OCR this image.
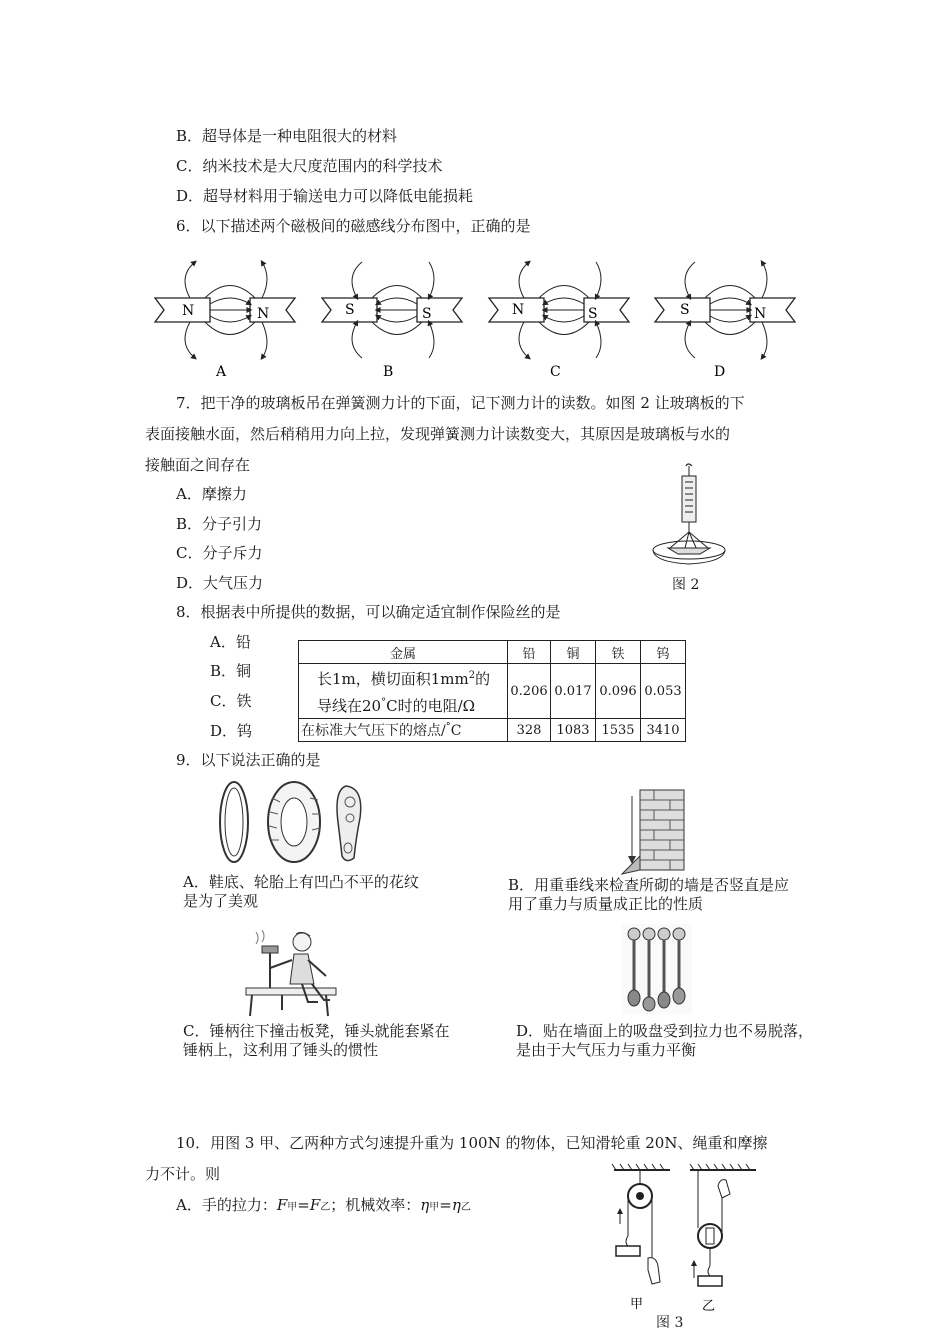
B．超导体是一种电阻很大的材料
C．纳米技术是大尺度范围内的科学技术
D．超导材料用于输送电力可以降低电能损耗
6．以下描述两个磁极间的磁感线分布图中，正确的是
N	N
A
S	S
B
N	S
C
S	N
D
7．把干净的玻璃板吊在弹簧测力计的下面，记下测力计的读数。如图 2 让玻璃板的下
表面接触水面，然后稍稍用力向上拉，发现弹簧测力计读数变大，其原因是玻璃板与水的
接触面之间存在
A．摩擦力
B．分子引力
C．分子斥力
D．大气压力	图 2
8．根据表中所提供的数据，可以确定适宜制作保险丝的是
A．铅
B．铜
C．铁
D．钨
金属	铅	铜	铁	钨
长1m，横切面积$1mm^2$的
导线在20°C时的电阻/Ω	0.206	0.017	0.096	0.053
在标准大气压下的熔点/°C	328	1083	1535	3410
9．以下说法正确的是
A．鞋底、轮胎上有凹凸不平的花纹是为了美观
B．用重垂线来检查所砌的墙是否竖直是应用了重力与质量成正比的性质
C．锤柄往下撞击板凳，锤头就能套紧在锤柄上，这利用了锤头的惯性
D．贴在墙面上的吸盘受到拉力也不易脱落，是由于大气压力与重力平衡
10．用图 3 甲、乙两种方式匀速提升重为 100N 的物体，已知滑轮重 20N、绳重和摩擦
力不计。则
A．手的拉力：F甲=F乙；机械效率：η甲=η乙
甲	乙
图 3
